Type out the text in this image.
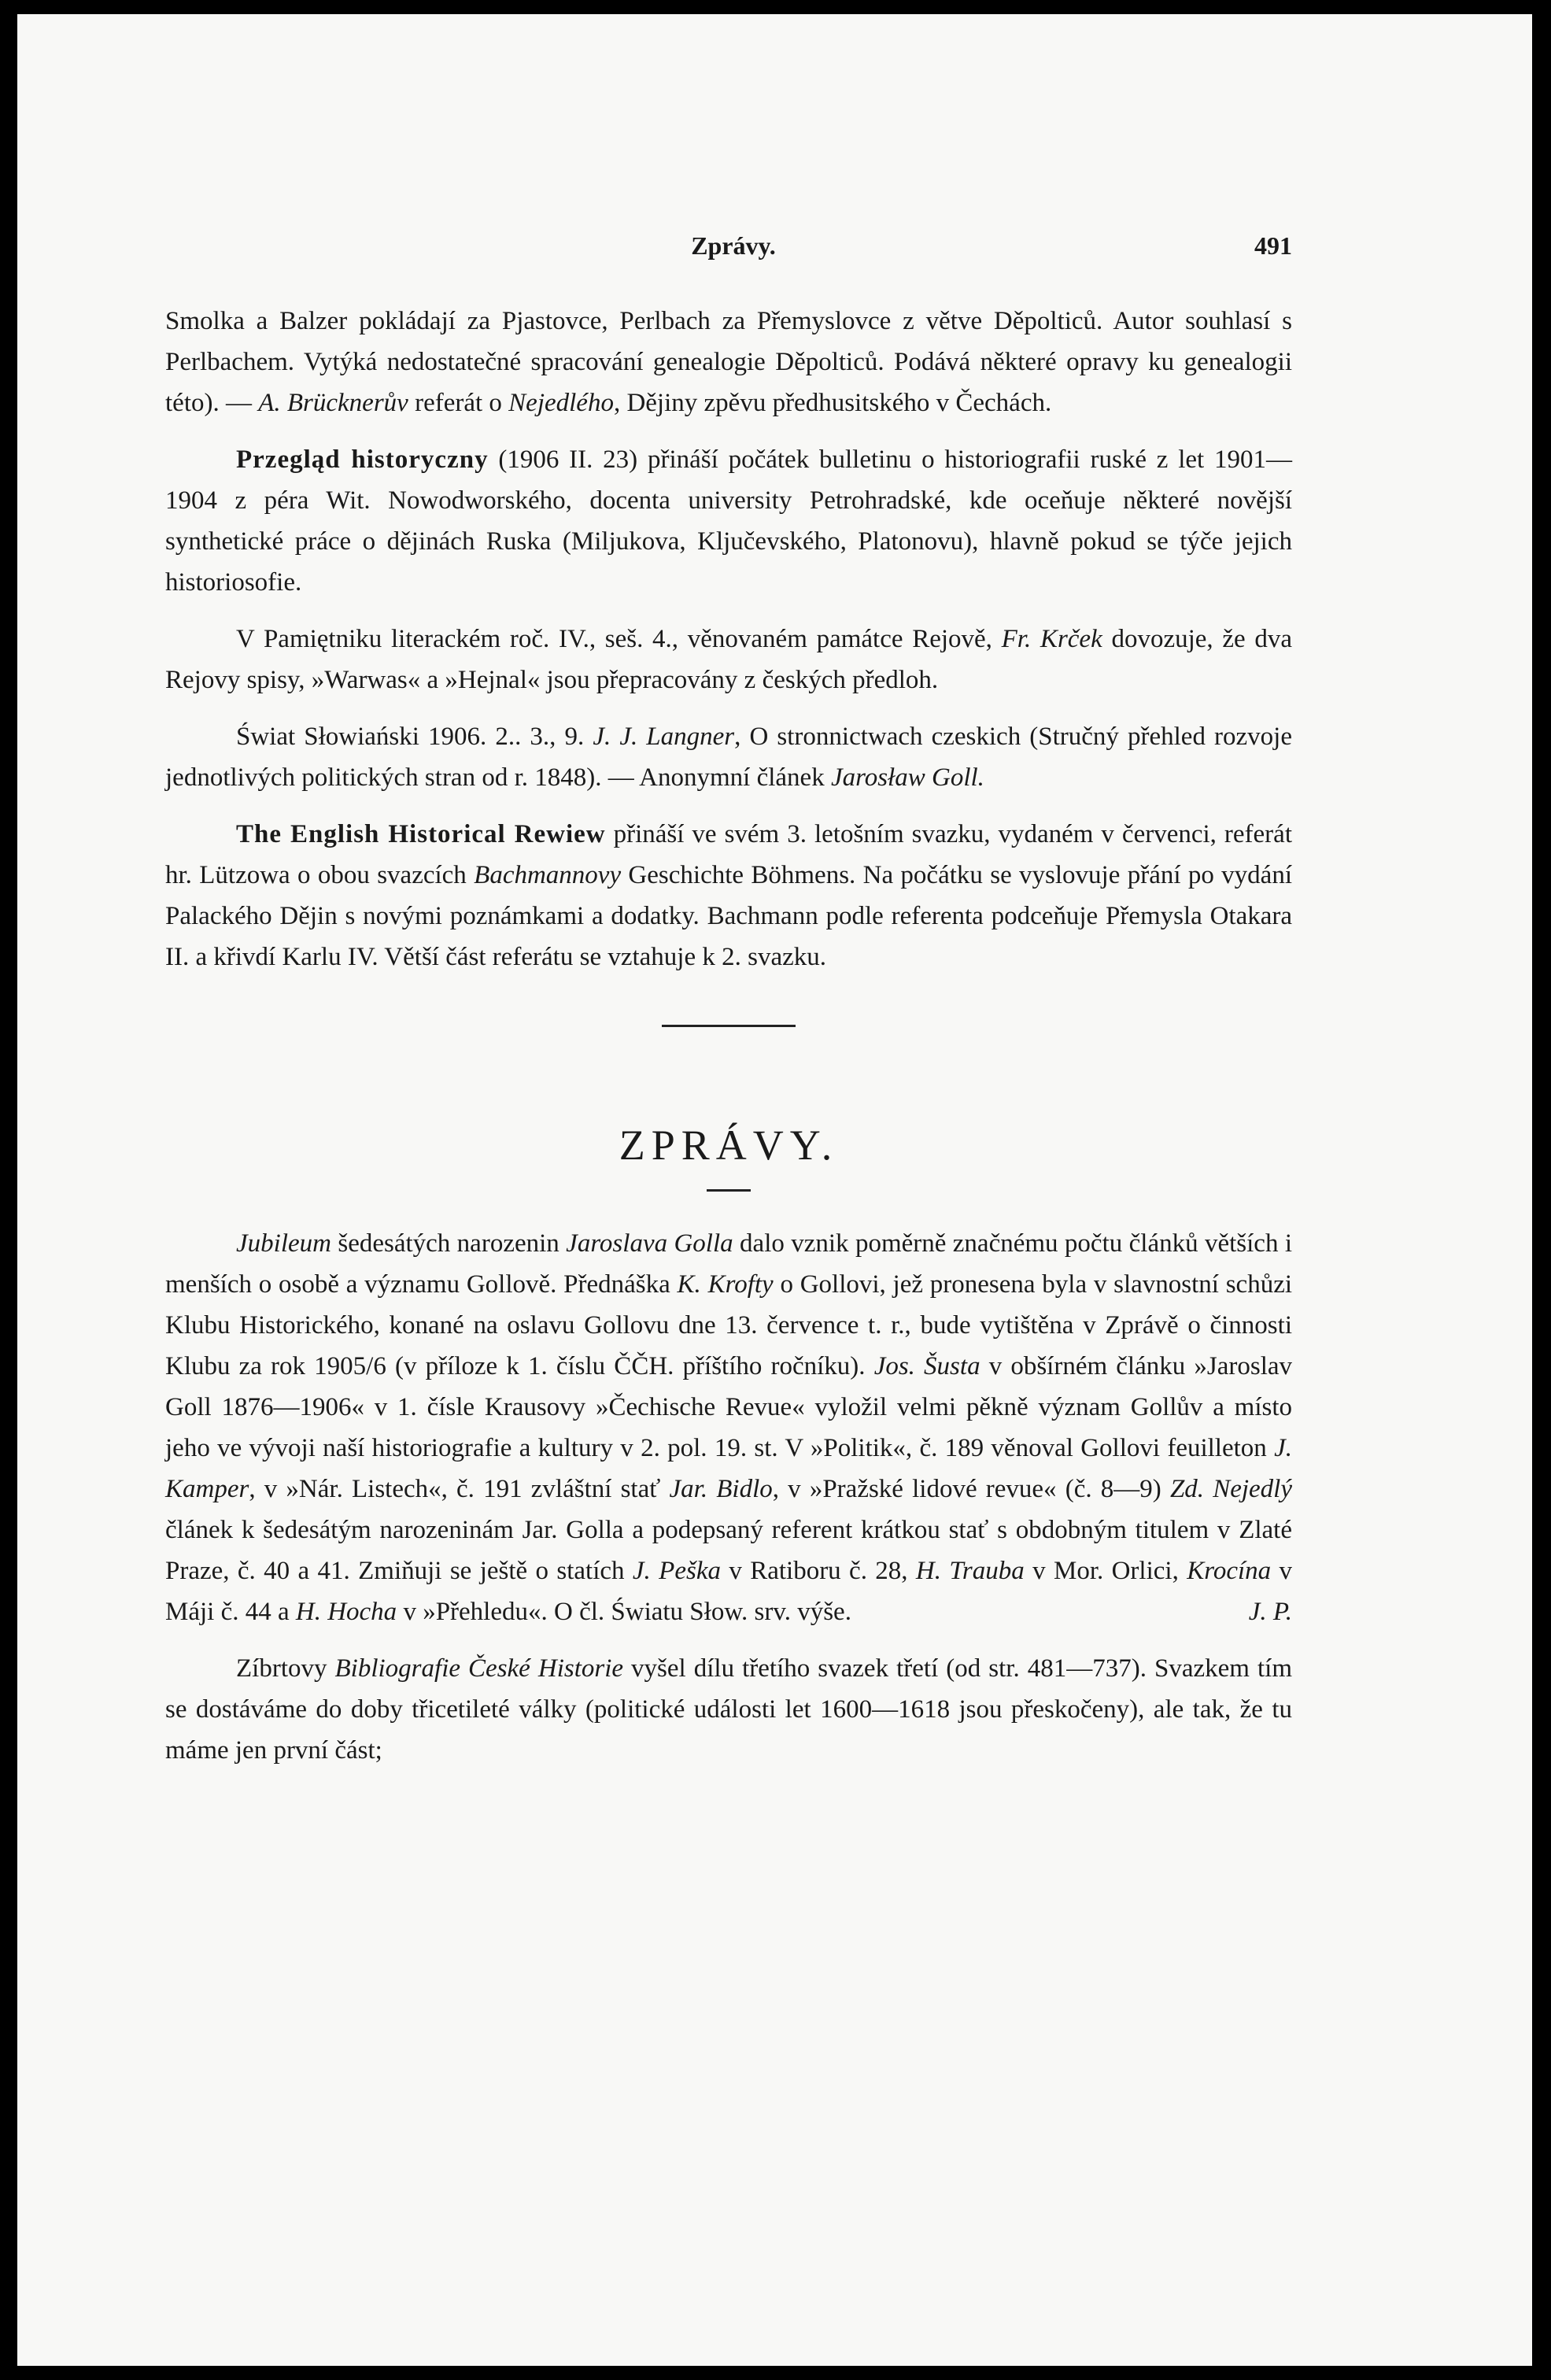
Zprávy.	491

Smolka a Balzer pokládají za Pjastovce, Perlbach za Přemyslovce z větve Děpolticů. Autor souhlasí s Perlbachem. Vytýká nedostatečné spracování genealogie Děpolticů. Podává některé opravy ku genealogii této). — A. Brücknerův referát o Nejedlého, Dějiny zpěvu předhusitského v Čechách.

Przegląd historyczny (1906 II. 23) přináší počátek bulletinu o historiografii ruské z let 1901—1904 z péra Wit. Nowodworského, docenta university Petrohradské, kde oceňuje některé novější synthetické práce o dějinách Ruska (Miljukova, Ključevského, Platonovu), hlavně pokud se týče jejich historiosofie.

V Pamiętniku literackém roč. IV., seš. 4., věnovaném památce Rejově, Fr. Krček dovozuje, že dva Rejovy spisy, »Warwas« a »Hejnal« jsou přepracovány z českých předloh.

Świat Słowiański 1906. 2.. 3., 9. J. J. Langner, O stronnictwach czeskich (Stručný přehled rozvoje jednotlivých politických stran od r. 1848). — Anonymní článek Jarosław Goll.

The English Historical Rewiew přináší ve svém 3. letošním svazku, vydaném v červenci, referát hr. Lützowa o obou svazcích Bachmannovy Geschichte Böhmens. Na počátku se vyslovuje přání po vydání Palackého Dějin s novými poznámkami a dodatky. Bachmann podle referenta podceňuje Přemysla Otakara II. a křivdí Karlu IV. Větší část referátu se vztahuje k 2. svazku.

ZPRÁVY.

Jubileum šedesátých narozenin Jaroslava Golla dalo vznik poměrně značnému počtu článků větších i menších o osobě a významu Gollově. Přednáška K. Krofty o Gollovi, jež pronesena byla v slavnostní schůzi Klubu Historického, konané na oslavu Gollovu dne 13. července t. r., bude vytištěna v Zprávě o činnosti Klubu za rok 1905/6 (v příloze k 1. číslu ČČH. příštího ročníku). Jos. Šusta v obšírném článku »Jaroslav Goll 1876—1906« v 1. čísle Krausovy »Čechische Revue« vyložil velmi pěkně význam Gollův a místo jeho ve vývoji naší historiografie a kultury v 2. pol. 19. st. V »Politik«, č. 189 věnoval Gollovi feuilleton J. Kamper, v »Nár. Listech«, č. 191 zvláštní stať Jar. Bidlo, v »Pražské lidové revue« (č. 8—9) Zd. Nejedlý článek k šedesátým narozeninám Jar. Golla a podepsaný referent krátkou stať s obdobným titulem v Zlaté Praze, č. 40 a 41. Zmiňuji se ještě o statích J. Peška v Ratiboru č. 28, H. Trauba v Mor. Orlici, Krocína v Máji č. 44 a H. Hocha v »Přehledu«. O čl. Światu Słow. srv. výše.	J. P.

Zíbrtovy Bibliografie České Historie vyšel dílu třetího svazek třetí (od str. 481—737). Svazkem tím se dostáváme do doby třicetileté války (politické události let 1600—1618 jsou přeskočeny), ale tak, že tu máme jen první část;
